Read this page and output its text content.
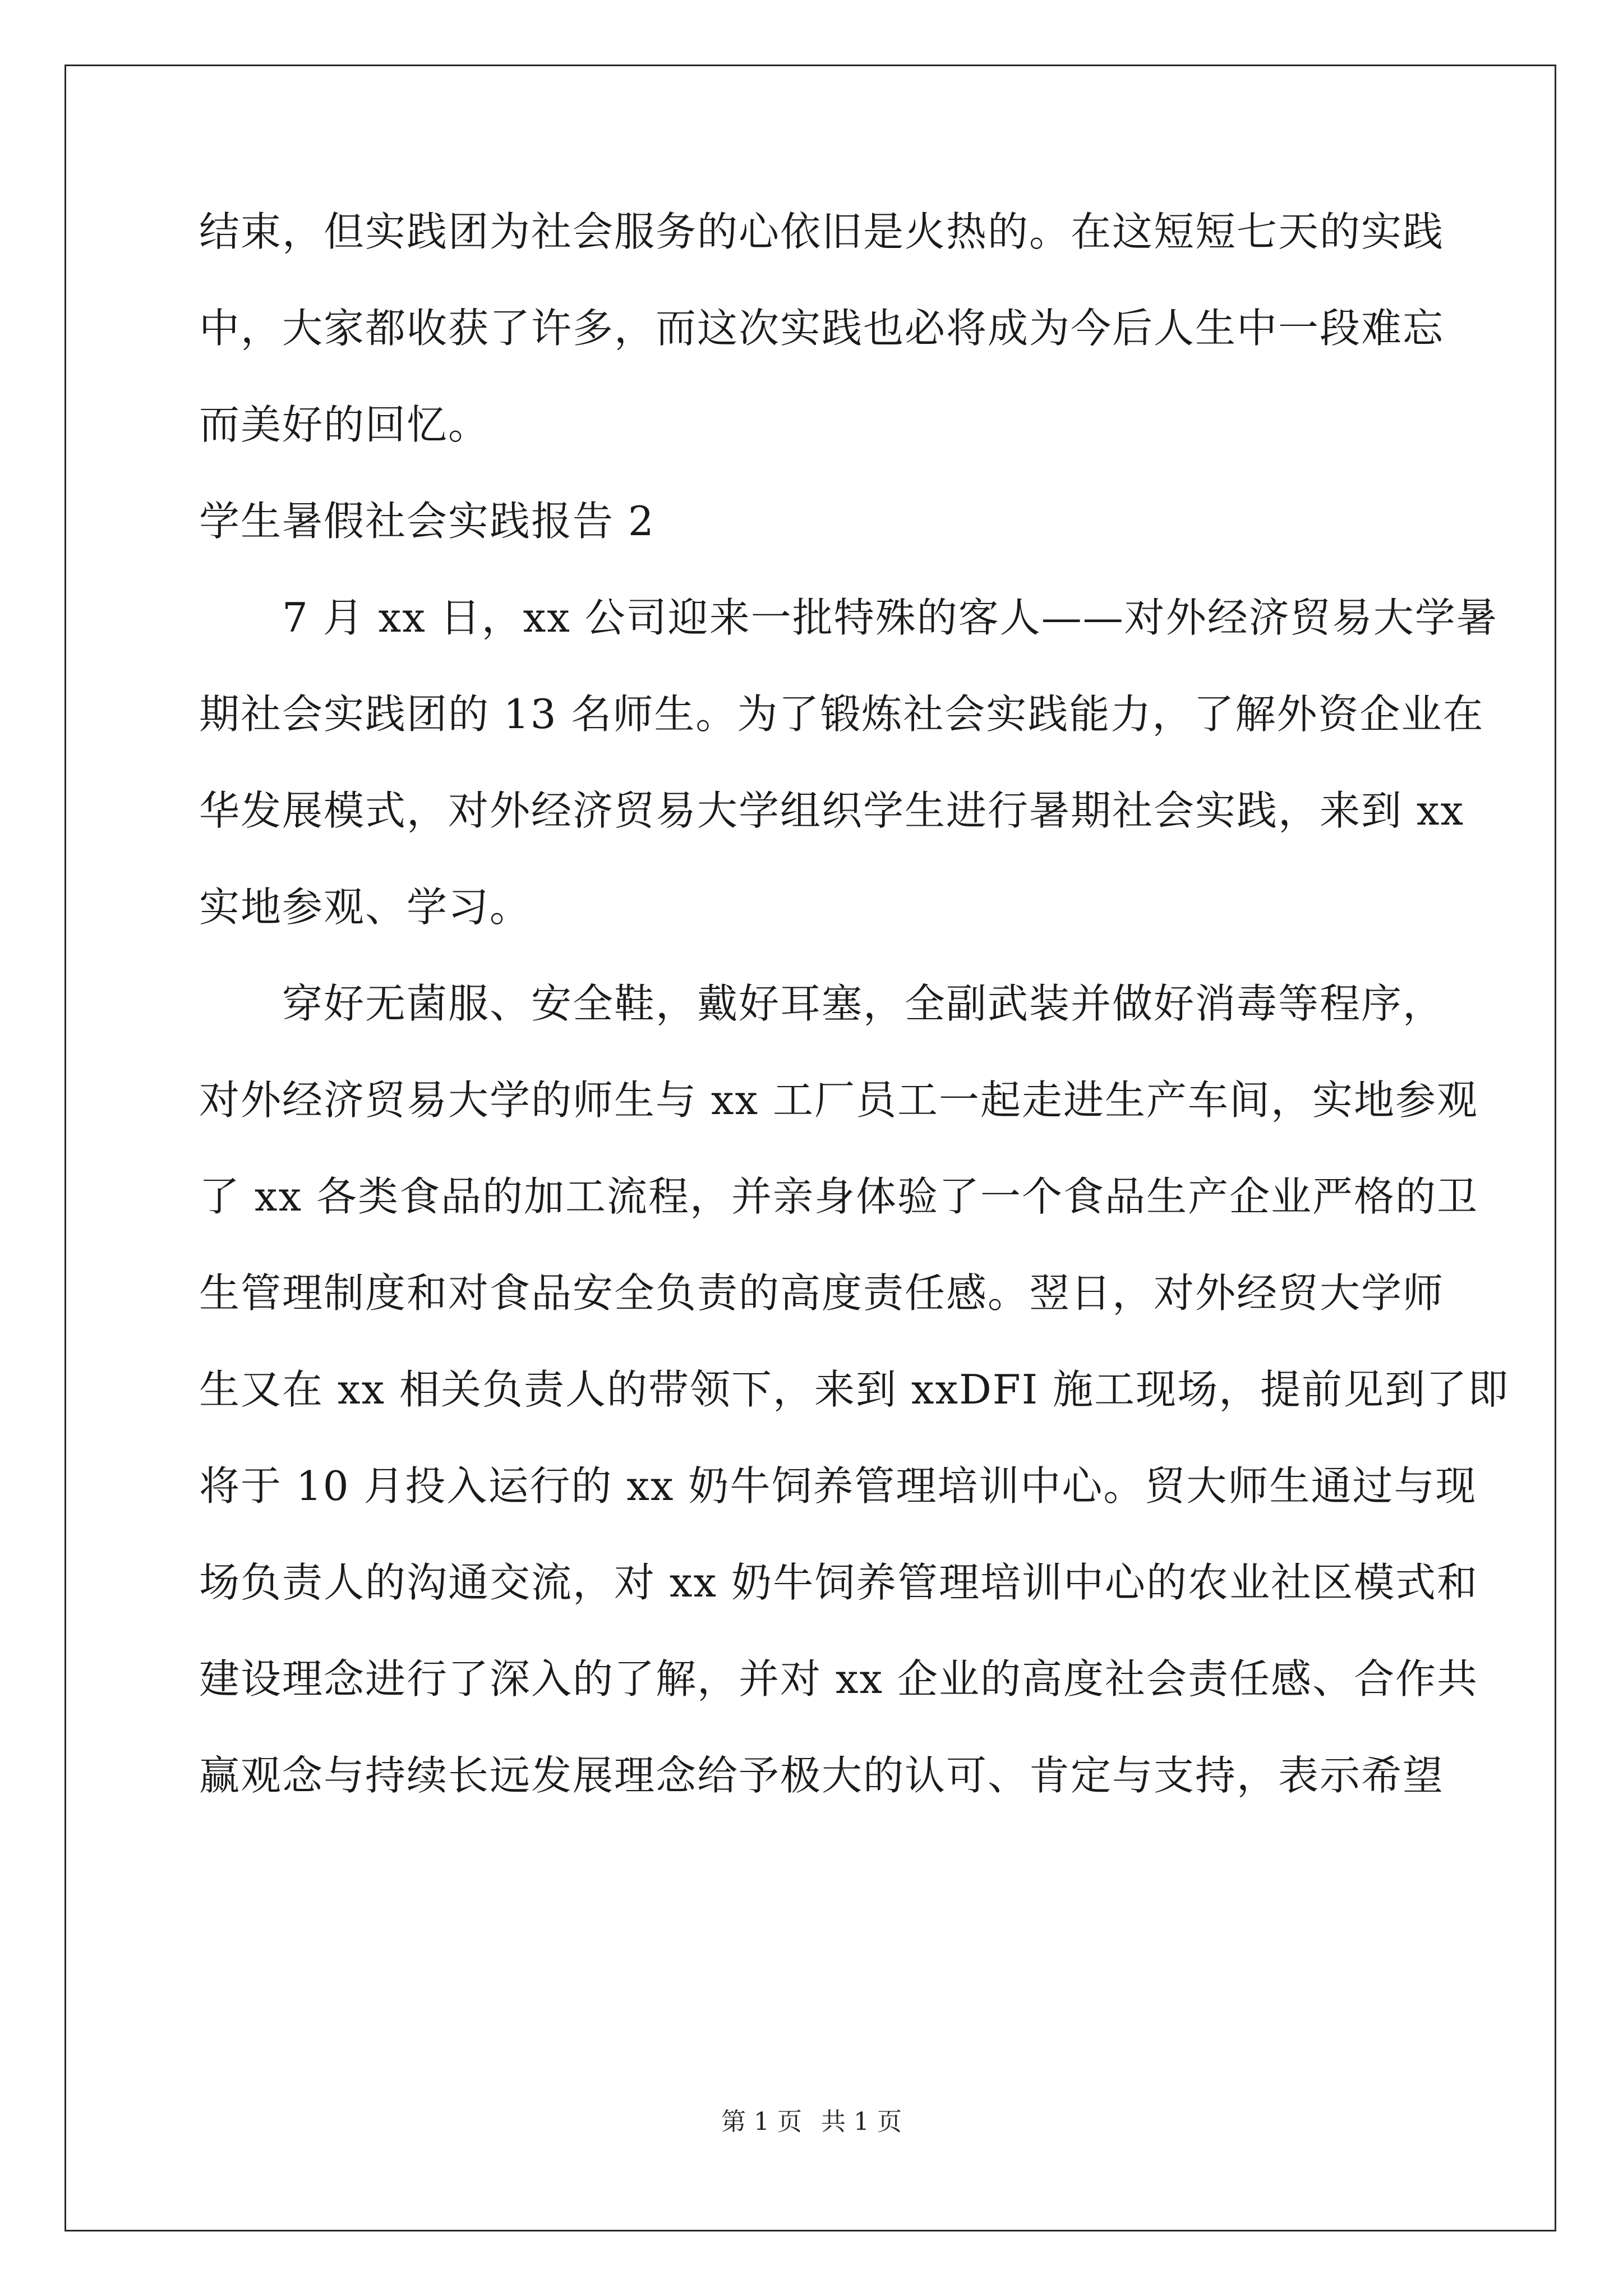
结束，但实践团为社会服务的心依旧是火热的。在这短短七天的实践
中，大家都收获了许多，而这次实践也必将成为今后人生中一段难忘
而美好的回忆。
学生暑假社会实践报告 2
　　7 月 xx 日，xx 公司迎来一批特殊的客人——对外经济贸易大学暑
期社会实践团的 13 名师生。为了锻炼社会实践能力，了解外资企业在
华发展模式，对外经济贸易大学组织学生进行暑期社会实践，来到 xx
实地参观、学习。
　　穿好无菌服、安全鞋，戴好耳塞，全副武装并做好消毒等程序，
对外经济贸易大学的师生与 xx 工厂员工一起走进生产车间，实地参观
了 xx 各类食品的加工流程，并亲身体验了一个食品生产企业严格的卫
生管理制度和对食品安全负责的高度责任感。翌日，对外经贸大学师
生又在 xx 相关负责人的带领下，来到 xxDFI 施工现场，提前见到了即
将于 10 月投入运行的 xx 奶牛饲养管理培训中心。贸大师生通过与现
场负责人的沟通交流，对 xx 奶牛饲养管理培训中心的农业社区模式和
建设理念进行了深入的了解，并对 xx 企业的高度社会责任感、合作共
赢观念与持续长远发展理念给予极大的认可、肯定与支持，表示希望
第 1 页 共 1 页
